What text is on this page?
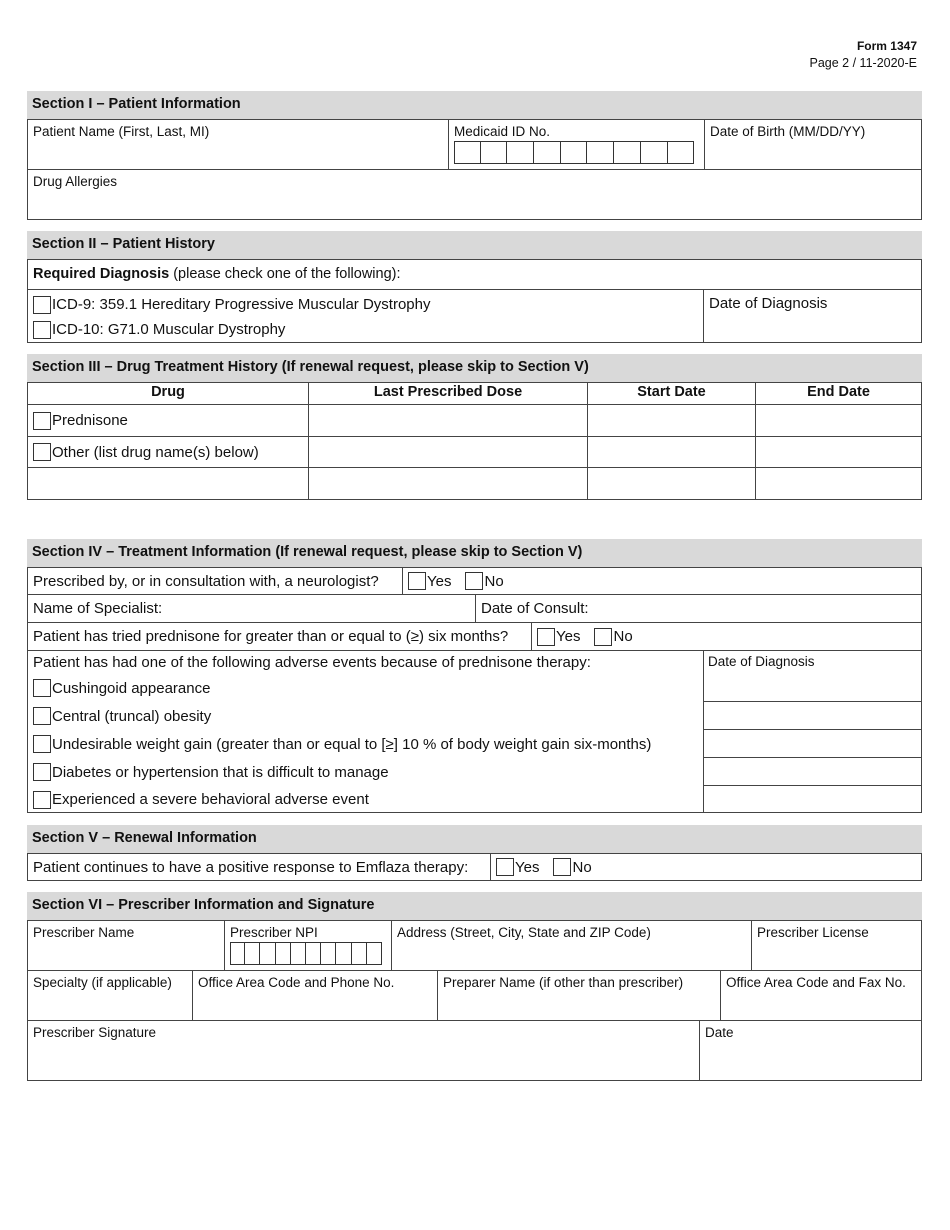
Form 1347
Page 2 / 11-2020-E
Section I – Patient Information
Patient Name (First, Last, MI)	Medicaid ID No.	Date of Birth (MM/DD/YY)
Drug Allergies
Section II – Patient History
Required Diagnosis (please check one of the following):
ICD-9: 359.1 Hereditary Progressive Muscular Dystrophy
ICD-10: G71.0 Muscular Dystrophy
Date of Diagnosis
Section III – Drug Treatment History (If renewal request, please skip to Section V)
Drug	Last Prescribed Dose	Start Date	End Date
Prednisone
Other (list drug name(s) below)
Section IV – Treatment Information (If renewal request, please skip to Section V)
Prescribed by, or in consultation with, a neurologist?	Yes No
Name of Specialist:	Date of Consult:
Patient has tried prednisone for greater than or equal to (≥) six months?	Yes No
Patient has had one of the following adverse events because of prednisone therapy:
Cushingoid appearance
Central (truncal) obesity
Undesirable weight gain (greater than or equal to [≥] 10 % of body weight gain six-months)
Diabetes or hypertension that is difficult to manage
Experienced a severe behavioral adverse event
Date of Diagnosis
Section V – Renewal Information
Patient continues to have a positive response to Emflaza therapy:	Yes No
Section VI – Prescriber Information and Signature
Prescriber Name	Prescriber NPI	Address (Street, City, State and ZIP Code)	Prescriber License
Specialty (if applicable)	Office Area Code and Phone No.	Preparer Name (if other than prescriber)	Office Area Code and Fax No.
Prescriber Signature	Date
